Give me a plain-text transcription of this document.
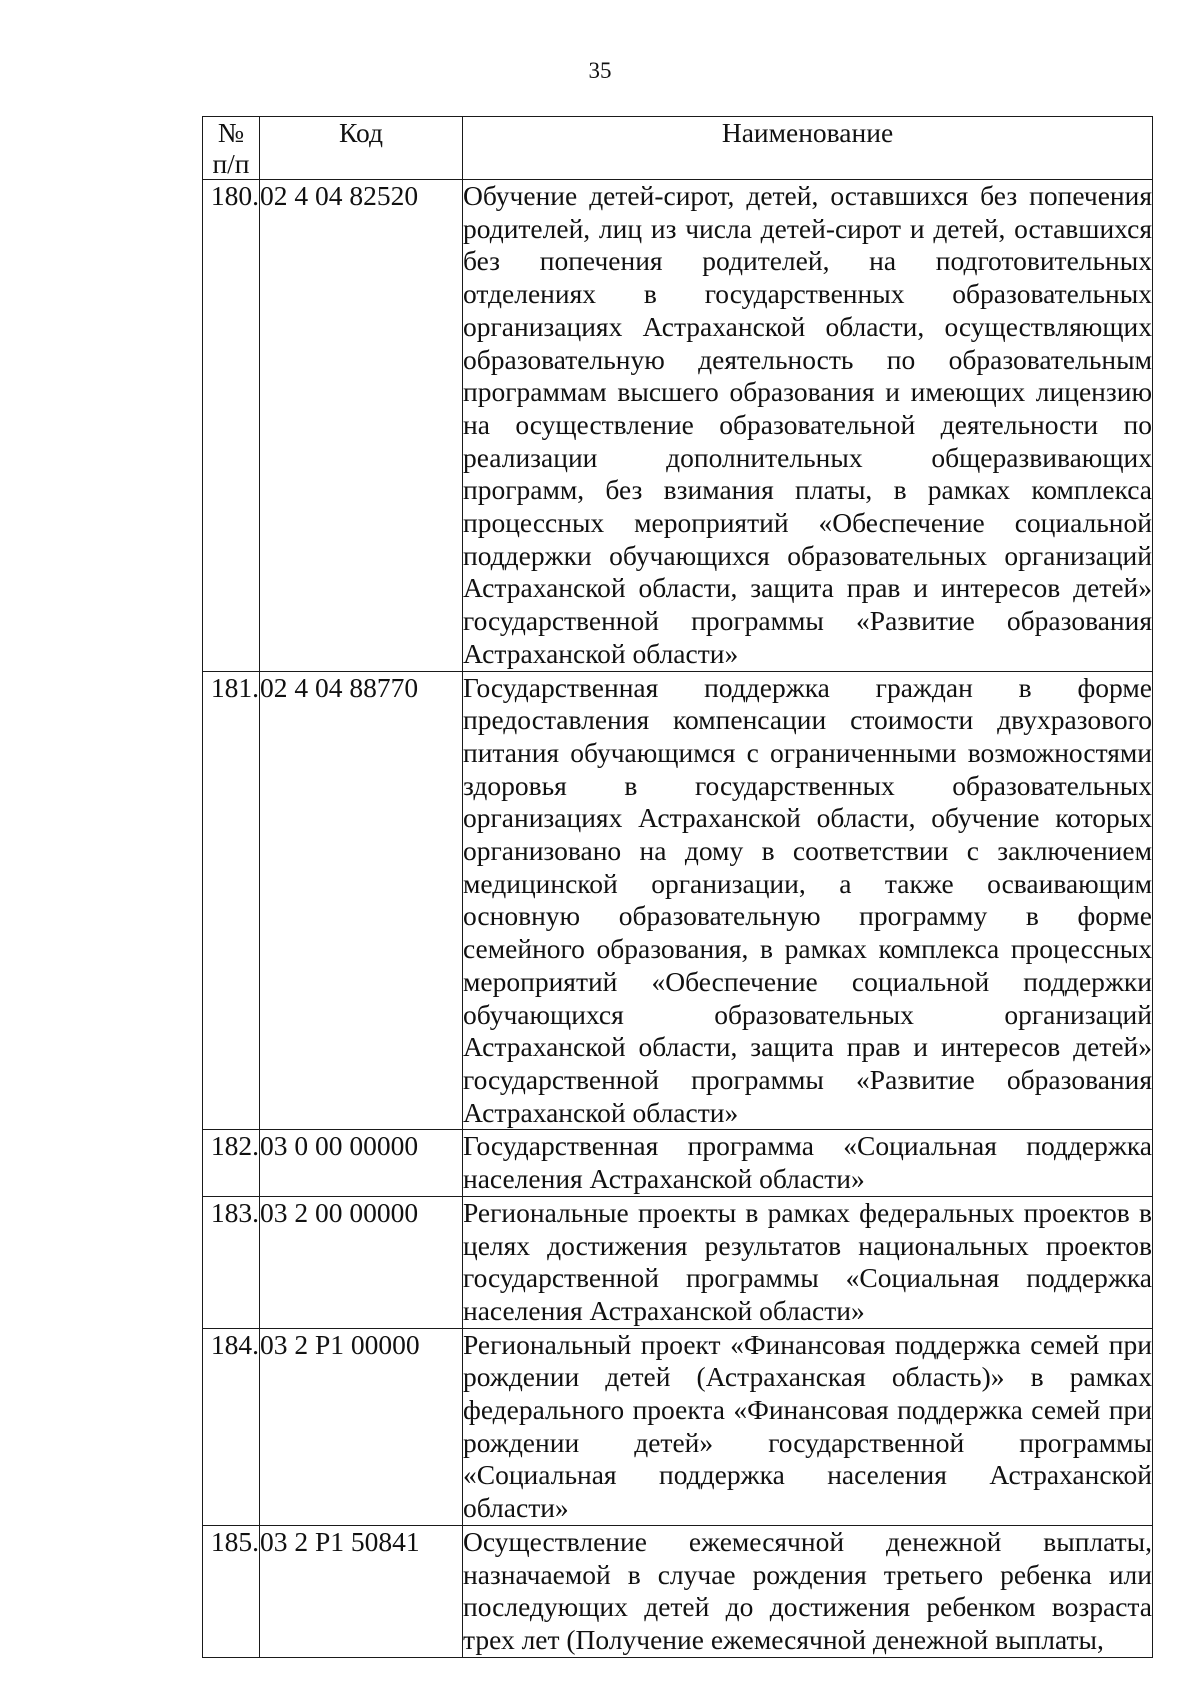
35
№
п/п	Код	Наименование
180.	02 4 04 82520	Обучение детей-сирот, детей, оставшихся без попечения родителей, лиц из числа детей-сирот и детей, оставшихся без попечения родителей, на подготовительных отделениях в государственных образовательных организациях Астраханской области, осуществляющих образовательную деятельность по образовательным программам высшего образования и имеющих лицензию на осуществление образовательной деятельности по реализации дополнительных общеразвивающих программ, без взимания платы, в рамках комплекса процессных мероприятий «Обеспечение социальной поддержки обучающихся образовательных организаций Астраханской области, защита прав и интересов детей» государственной программы «Развитие образования Астраханской области»
181.	02 4 04 88770	Государственная поддержка граждан в форме предоставления компенсации стоимости двухразового питания обучающимся с ограниченными возможностями здоровья в государственных образовательных организациях Астраханской области, обучение которых организовано на дому в соответствии с заключением медицинской организации, а также осваивающим основную образовательную программу в форме семейного образования, в рамках комплекса процессных мероприятий «Обеспечение социальной поддержки обучающихся образовательных организаций Астраханской области, защита прав и интересов детей» государственной программы «Развитие образования Астраханской области»
182.	03 0 00 00000	Государственная программа «Социальная поддержка населения Астраханской области»
183.	03 2 00 00000	Региональные проекты в рамках федеральных проектов в целях достижения результатов национальных проектов государственной программы «Социальная поддержка населения Астраханской области»
184.	03 2 Р1 00000	Региональный проект «Финансовая поддержка семей при рождении детей (Астраханская область)» в рамках федерального проекта «Финансовая поддержка семей при рождении детей» государственной программы «Социальная поддержка населения Астраханской области»
185.	03 2 Р1 50841	Осуществление ежемесячной денежной выплаты, назначаемой в случае рождения третьего ребенка или последующих детей до достижения ребенком возраста трех лет (Получение ежемесячной денежной выплаты,
